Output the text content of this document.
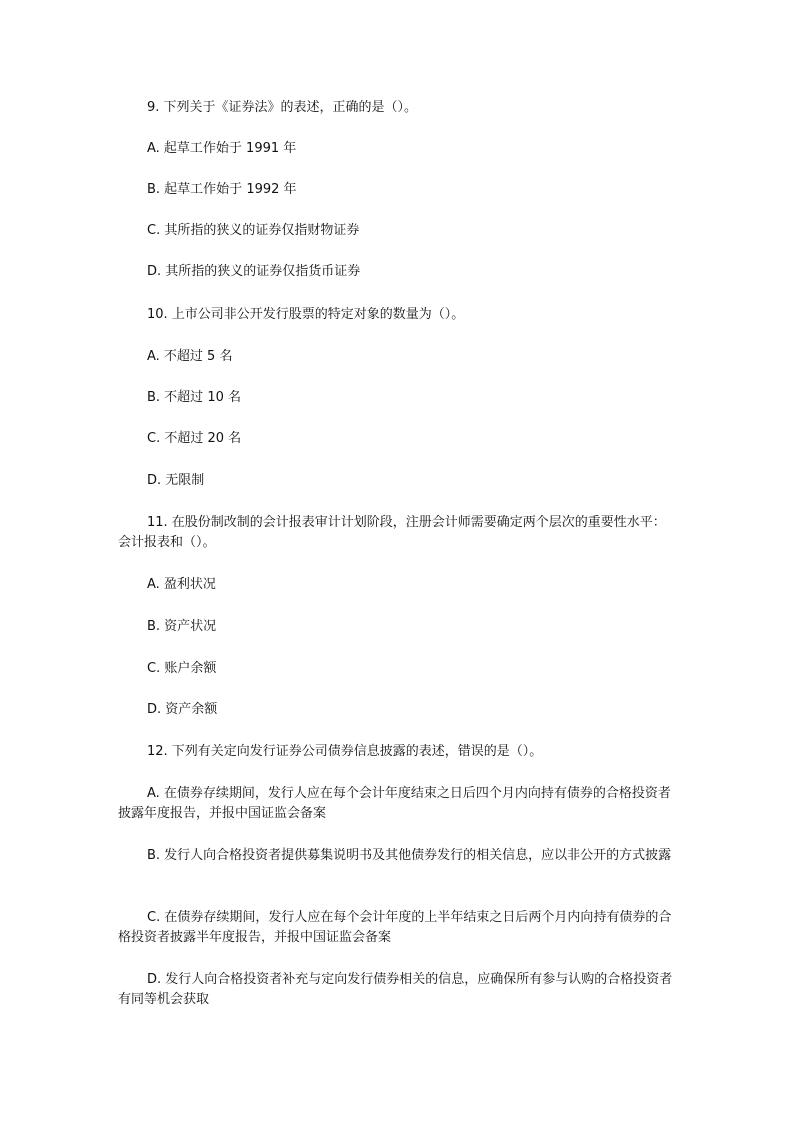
9. 下列关于《证券法》的表述，正确的是（）。
A. 起草工作始于 1991 年
B. 起草工作始于 1992 年
C. 其所指的狭义的证券仅指财物证券
D. 其所指的狭义的证券仅指货币证券
10. 上市公司非公开发行股票的特定对象的数量为（）。
A. 不超过 5 名
B. 不超过 10 名
C. 不超过 20 名
D. 无限制
11. 在股份制改制的会计报表审计计划阶段，注册会计师需要确定两个层次的重要性水平：会计报表和（）。
A. 盈利状况
B. 资产状况
C. 账户余额
D. 资产余额
12. 下列有关定向发行证券公司债券信息披露的表述，错误的是（）。
A. 在债券存续期间，发行人应在每个会计年度结束之日后四个月内向持有债券的合格投资者披露年度报告，并报中国证监会备案
B. 发行人向合格投资者提供募集说明书及其他债券发行的相关信息，应以非公开的方式披露
C. 在债券存续期间，发行人应在每个会计年度的上半年结束之日后两个月内向持有债券的合格投资者披露半年度报告，并报中国证监会备案
D. 发行人向合格投资者补充与定向发行债券相关的信息，应确保所有参与认购的合格投资者有同等机会获取
